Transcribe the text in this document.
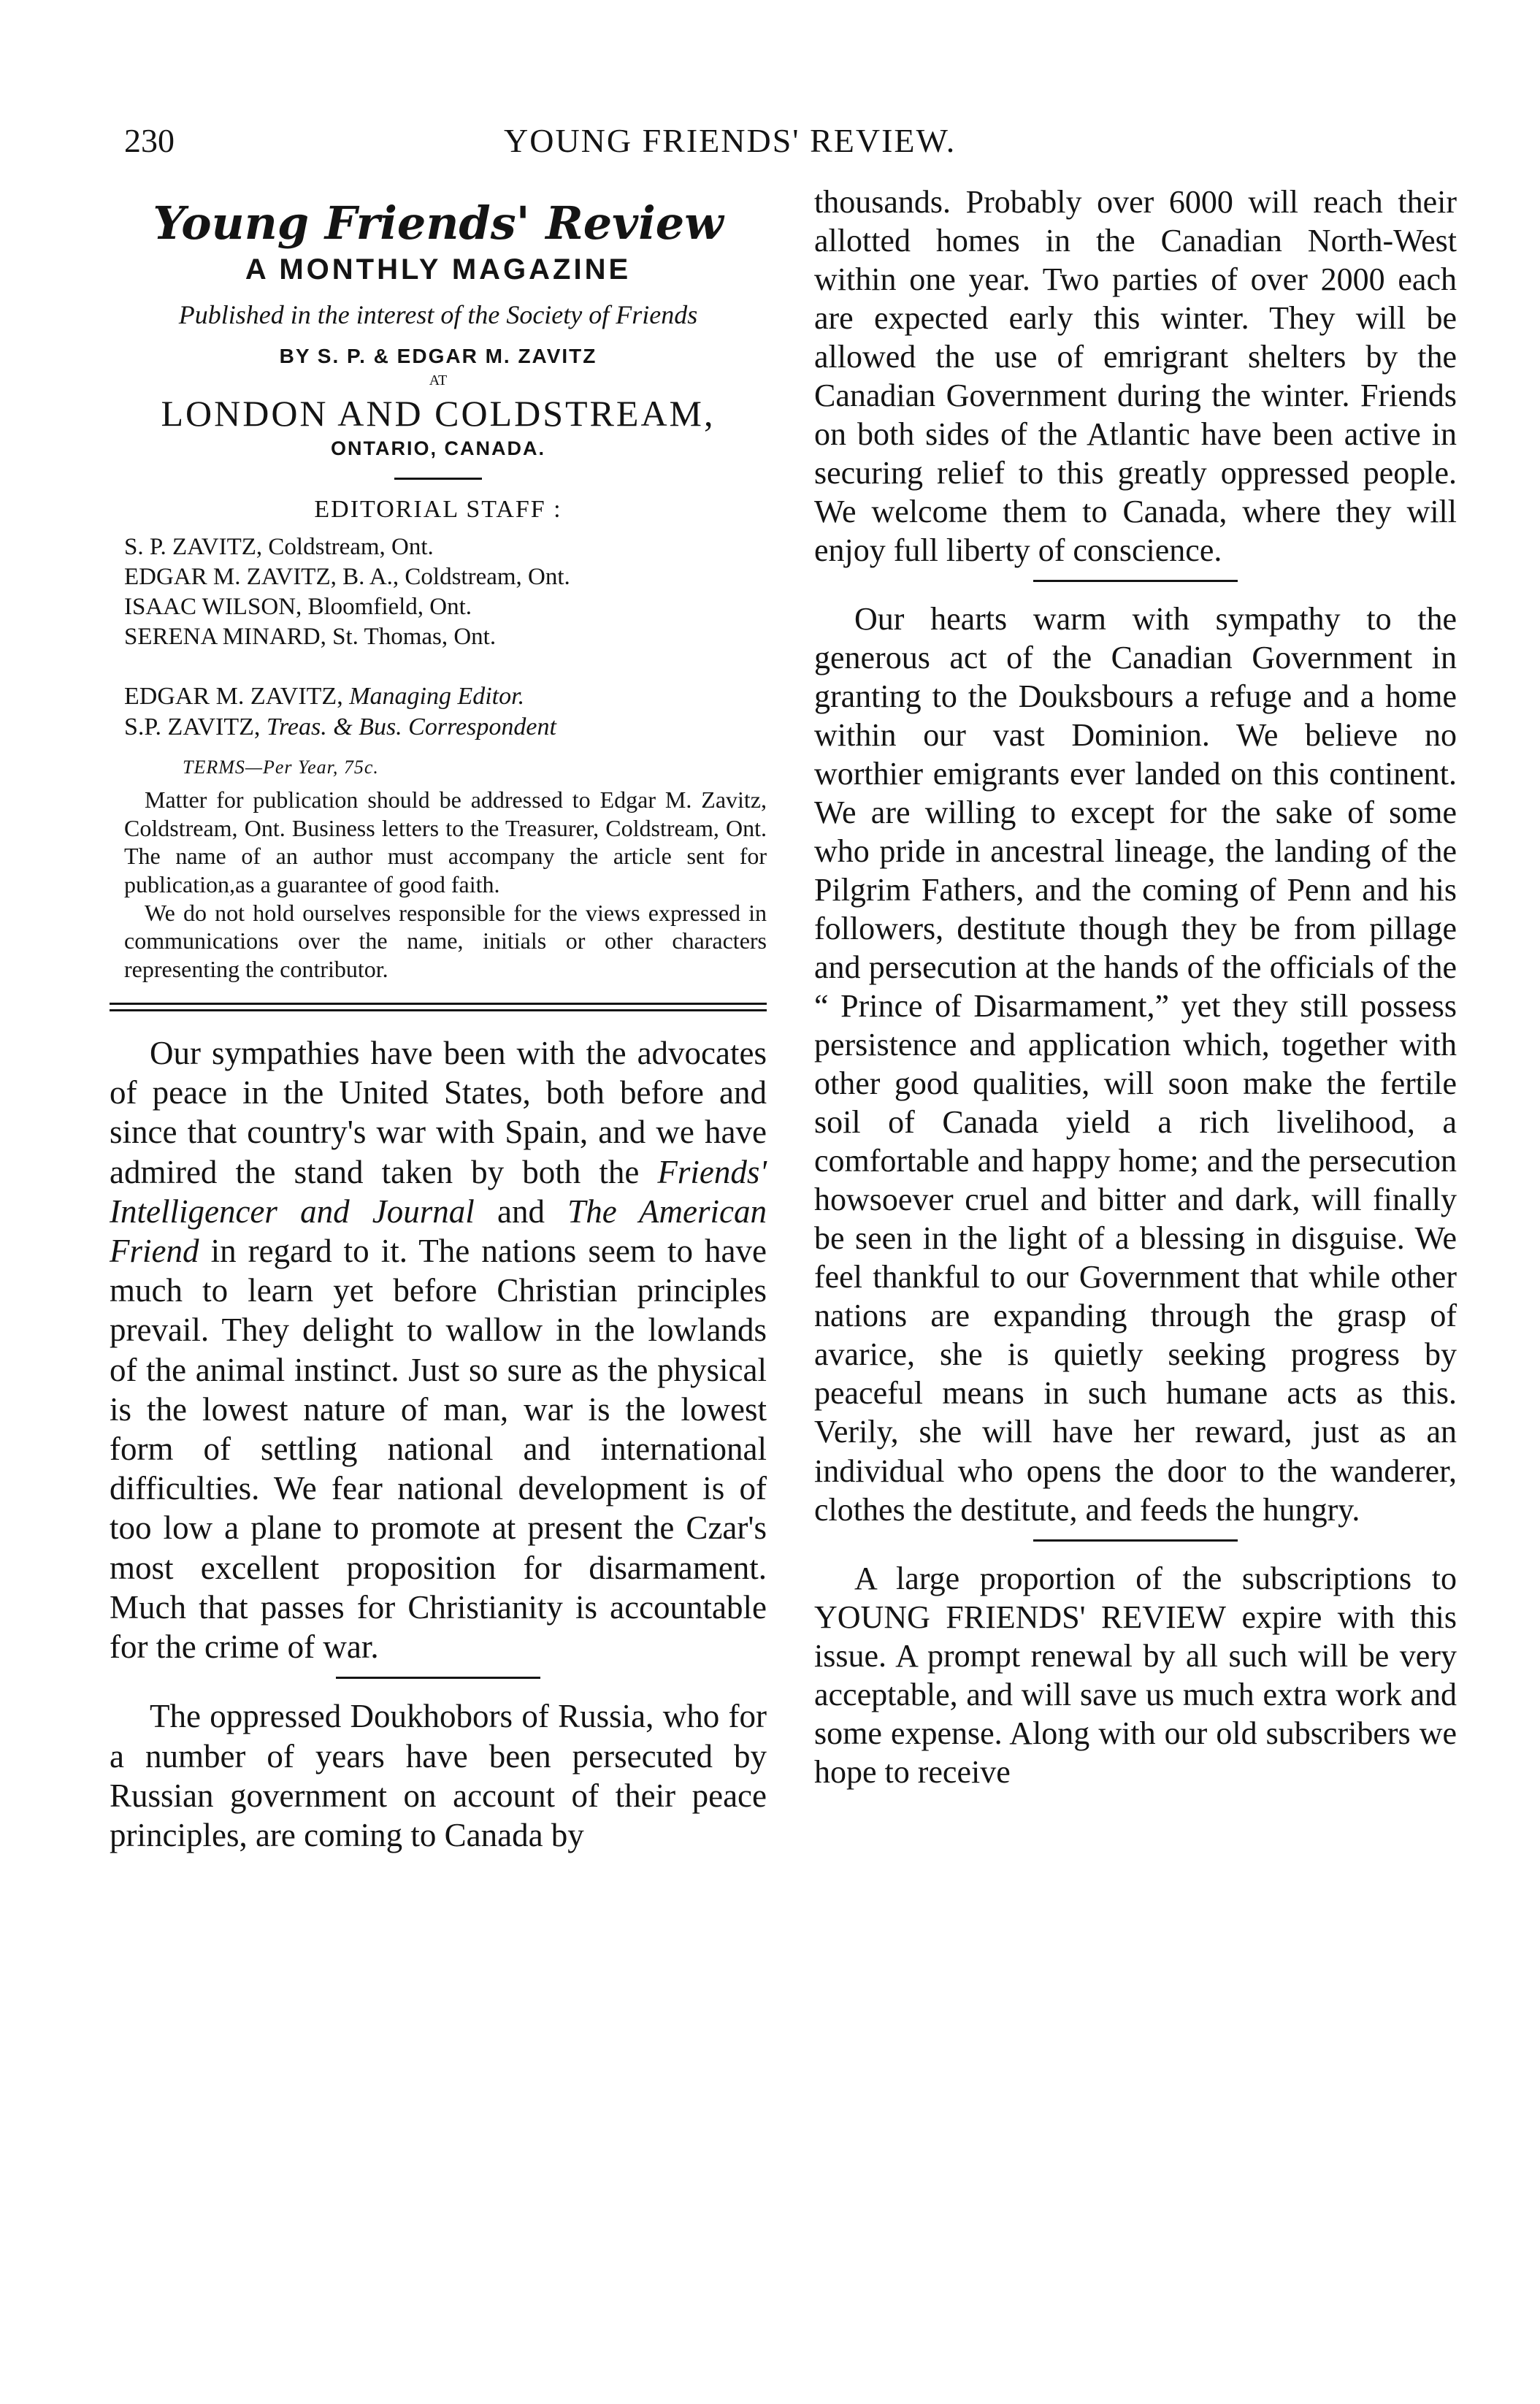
230	YOUNG FRIENDS' REVIEW.
Young Friends' Review
A MONTHLY MAGAZINE
Published in the interest of the Society of Friends
BY S. P. & EDGAR M. ZAVITZ
AT
LONDON AND COLDSTREAM,
ONTARIO, CANADA.
EDITORIAL STAFF :
S. P. ZAVITZ, Coldstream, Ont.
EDGAR M. ZAVITZ, B. A., Coldstream, Ont.
ISAAC WILSON, Bloomfield, Ont.
SERENA MINARD, St. Thomas, Ont.
EDGAR M. ZAVITZ, Managing Editor.
S.P. ZAVITZ, Treas. & Bus. Correspondent
TERMS—Per Year, 75c.

Matter for publication should be addressed to Edgar M. Zavitz, Coldstream, Ont. Business letters to the Treasurer, Coldstream, Ont. The name of an author must accompany the article sent for publication,as a guarantee of good faith.

We do not hold ourselves responsible for the views expressed in communications over the name, initials or other characters representing the contributor.

Our sympathies have been with the advocates of peace in the United States, both before and since that country's war with Spain, and we have admired the stand taken by both the Friends' Intelligencer and Journal and The American Friend in regard to it. The nations seem to have much to learn yet before Christian principles prevail. They delight to wallow in the lowlands of the animal instinct. Just so sure as the physical is the lowest nature of man, war is the lowest form of settling national and international difficulties. We fear national development is of too low a plane to promote at present the Czar's most excellent proposition for disarmament. Much that passes for Christianity is accountable for the crime of war.

The oppressed Doukhobors of Russia, who for a number of years have been persecuted by Russian government on account of their peace principles, are coming to Canada by

thousands. Probably over 6000 will reach their allotted homes in the Canadian North-West within one year. Two parties of over 2000 each are expected early this winter. They will be allowed the use of emrigrant shelters by the Canadian Government during the winter. Friends on both sides of the Atlantic have been active in securing relief to this greatly oppressed people. We welcome them to Canada, where they will enjoy full liberty of conscience.

Our hearts warm with sympathy to the generous act of the Canadian Government in granting to the Douksbours a refuge and a home within our vast Dominion. We believe no worthier emigrants ever landed on this continent. We are willing to except for the sake of some who pride in ancestral lineage, the landing of the Pilgrim Fathers, and the coming of Penn and his followers, destitute though they be from pillage and persecution at the hands of the officials of the “ Prince of Disarmament,” yet they still possess persistence and application which, together with other good qualities, will soon make the fertile soil of Canada yield a rich livelihood, a comfortable and happy home; and the persecution howsoever cruel and bitter and dark, will finally be seen in the light of a blessing in disguise. We feel thankful to our Government that while other nations are expanding through the grasp of avarice, she is quietly seeking progress by peaceful means in such humane acts as this. Verily, she will have her reward, just as an individual who opens the door to the wanderer, clothes the destitute, and feeds the hungry.

A large proportion of the subscriptions to YOUNG FRIENDS' REVIEW expire with this issue. A prompt renewal by all such will be very acceptable, and will save us much extra work and some expense. Along with our old subscribers we hope to receive
